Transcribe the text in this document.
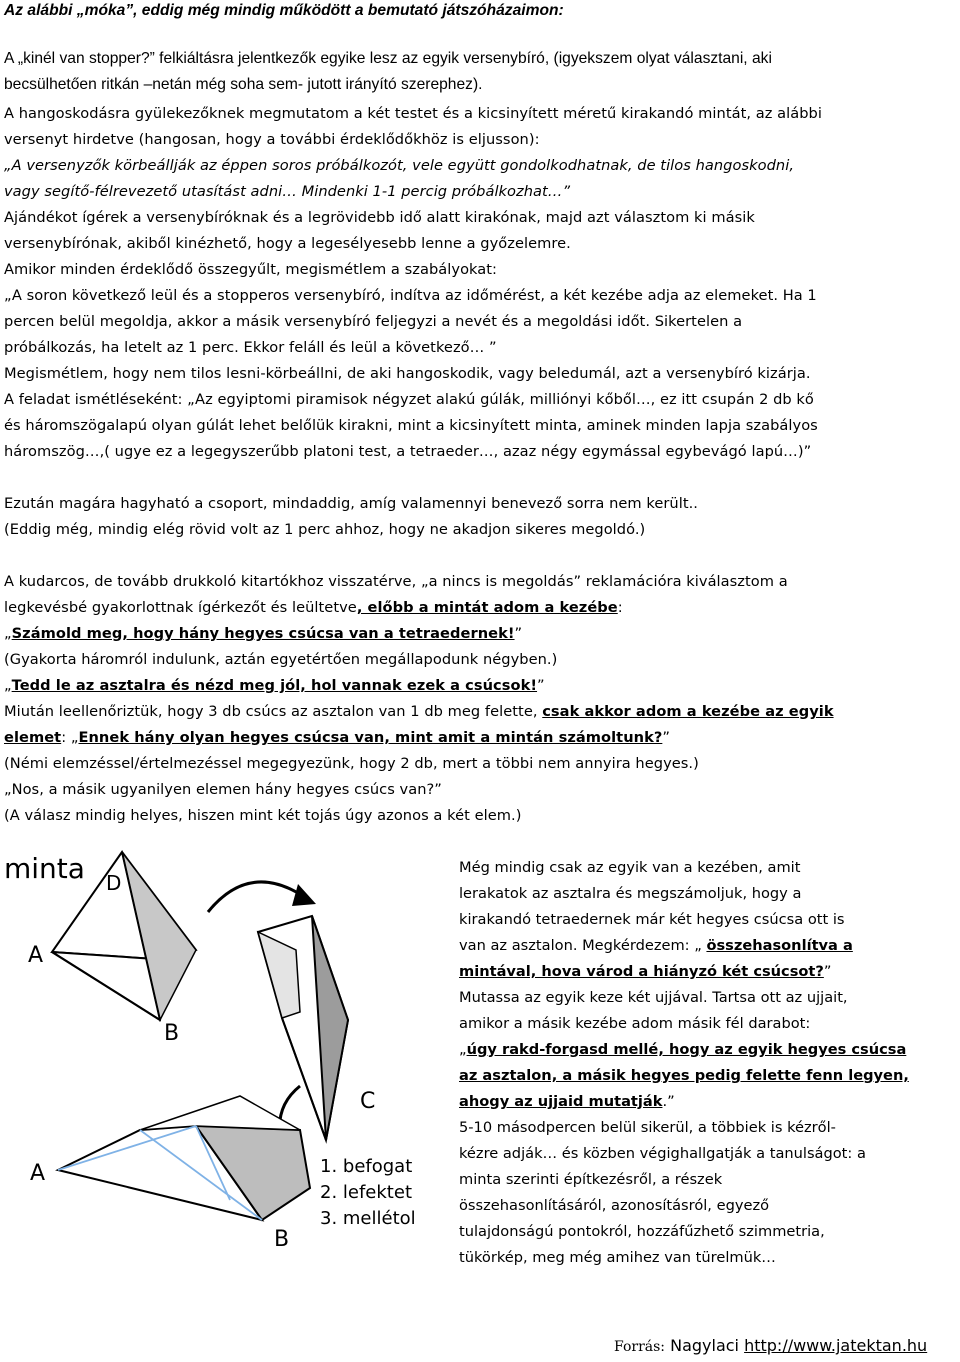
Az alábbi „móka”, eddig még mindig működött a bemutató játszóházaimon:
A „kinél van stopper?” felkiáltásra jelentkezők egyike lesz az egyik versenybíró, (igyekszem olyat választani, aki
becsülhetően ritkán –netán még soha sem- jutott irányító szerephez).
A hangoskodásra gyülekezőknek megmutatom a két testet és a kicsinyített méretű kirakandó mintát, az alábbi
versenyt hirdetve (hangosan, hogy a további érdeklődőkhöz is eljusson):
„A versenyzők körbeállják az éppen soros próbálkozót, vele együtt gondolkodhatnak, de tilos hangoskodni,
vagy segítő-félrevezető utasítást adni… Mindenki 1-1 percig próbálkozhat…”
Ajándékot ígérek a versenybíróknak és a legrövidebb idő alatt kirakónak, majd azt választom ki másik
versenybírónak, akiből kinézhető, hogy a legesélyesebb lenne a győzelemre.
Amikor minden érdeklődő összegyűlt, megismétlem a szabályokat:
„A soron következő leül és a stopperos versenybíró, indítva az időmérést, a két kezébe adja az elemeket. Ha 1
percen belül megoldja, akkor a másik versenybíró feljegyzi a nevét és a megoldási időt. Sikertelen a
próbálkozás, ha letelt az 1 perc. Ekkor feláll és leül a következő… ”
Megismétlem, hogy nem tilos lesni-körbeállni, de aki hangoskodik, vagy beledumál, azt a versenybíró kizárja.
A feladat ismétléseként: „Az egyiptomi piramisok négyzet alakú gúlák, milliónyi kőből…, ez itt csupán 2 db kő
és háromszögalapú olyan gúlát lehet belőlük kirakni, mint a kicsinyített minta, aminek minden lapja szabályos
háromszög…,( ugye ez a legegyszerűbb platoni test, a tetraeder…, azaz négy egymással egybevágó lapú…)”
Ezután magára hagyható a csoport, mindaddig, amíg valamennyi benevező sorra nem került..
(Eddig még, mindig elég rövid volt az 1 perc ahhoz, hogy ne akadjon sikeres megoldó.)
A kudarcos, de tovább drukkoló kitartókhoz visszatérve, „a nincs is megoldás” reklamációra kiválasztom a
legkevésbé gyakorlottnak ígérkezőt és leültetve, előbb a mintát adom a kezébe:
„Számold meg, hogy hány hegyes csúcsa van a tetraedernek!”
(Gyakorta háromról indulunk, aztán egyetértően megállapodunk négyben.)
„Tedd le az asztalra és nézd meg jól, hol vannak ezek a csúcsok!”
Miután leellenőriztük, hogy 3 db csúcs az asztalon van 1 db meg felette, csak akkor adom a kezébe az egyik
elemet: „Ennek hány olyan hegyes csúcsa van, mint amit a mintán számoltunk?”
(Némi elemzéssel/értelmezéssel megegyezünk, hogy 2 db, mert a többi nem annyira hegyes.)
„Nos, a másik ugyanilyen elemen hány hegyes csúcs van?”
(A válasz mindig helyes, hiszen mint két tojás úgy azonos a két elem.)
minta
A
B
D
C
A
B
1. befogat
2. lefektet
3. mellétol
Még mindig csak az egyik van a kezében, amit
lerakatok az asztalra és megszámoljuk, hogy a
kirakandó tetraedernek már két hegyes csúcsa ott is
van az asztalon. Megkérdezem: „ összehasonlítva a
mintával, hova várod a hiányzó két csúcsot?”
Mutassa az egyik keze két ujjával. Tartsa ott az ujjait,
amikor a másik kezébe adom másik fél darabot:
„úgy rakd-forgasd mellé, hogy az egyik hegyes csúcsa
az asztalon, a másik hegyes pedig felette fenn legyen,
ahogy az ujjaid mutatják.”
5-10 másodpercen belül sikerül, a többiek is kézről-
kézre adják… és közben végighallgatják a tanulságot: a
minta szerinti építkezésről, a részek
összehasonlításáról, azonosításról, egyező
tulajdonságú pontokról, hozzáfűzhető szimmetria,
tükörkép, meg még amihez van türelmük…
Forrás: Nagylaci http://www.jatektan.hu
